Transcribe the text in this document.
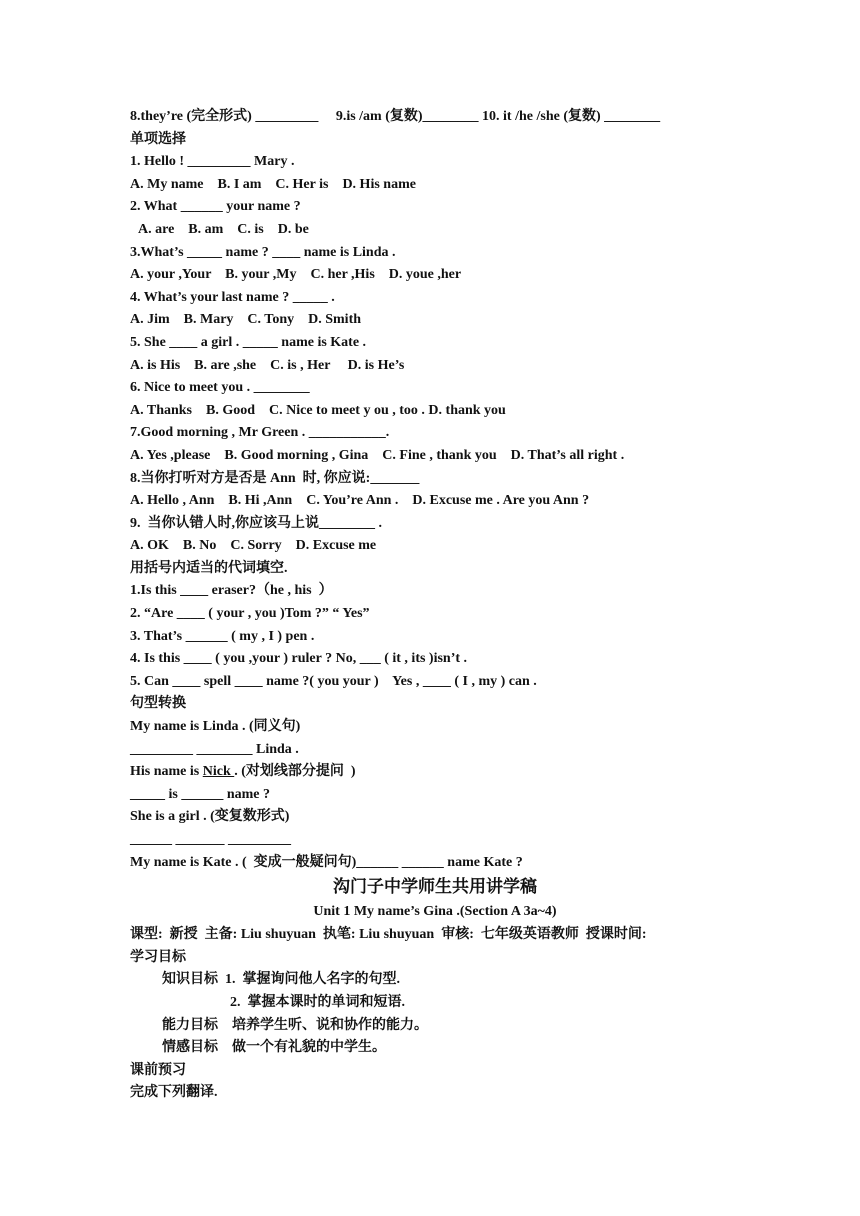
8.they’re (完全形式) _________     9.is /am (复数)________ 10. it /he /she (复数) ________
单项选择
1. Hello ! _________ Mary .
A. My name    B. I am    C. Her is    D. His name
2. What ______ your name ?
A. are    B. am    C. is    D. be
3.What’s _____ name ? ____ name is Linda .
A. your ,Your    B. your ,My    C. her ,His    D. youe ,her
4. What’s your last name ? _____ .
A. Jim    B. Mary    C. Tony    D. Smith
5. She ____ a girl . _____ name is Kate .
A. is His    B. are ,she    C. is , Her     D. is He’s
6. Nice to meet you . ________
A. Thanks    B. Good    C. Nice to meet y ou , too . D. thank you
7.Good morning , Mr Green . ___________.
A. Yes ,please    B. Good morning , Gina    C. Fine , thank you    D. That’s all right .
8.当你打听对方是否是 Ann  时, 你应说:_______
A. Hello , Ann    B. Hi ,Ann    C. You’re Ann .    D. Excuse me . Are you Ann ?
9.  当你认错人时,你应该马上说________ .
A. OK    B. No    C. Sorry    D. Excuse me
用括号内适当的代词填空.
1.Is this ____ eraser?（he , his  ）
2. “Are ____ ( your , you )Tom ?” “ Yes”
3. That’s ______ ( my , I ) pen .
4. Is this ____ ( you ,your ) ruler ? No, ___ ( it , its )isn’t .
5. Can ____ spell ____ name ?( you your )    Yes , ____ ( I , my ) can .
句型转换
My name is Linda . (同义句)
_________ ________ Linda .
His name is Nick . (对划线部分提问  )
_____ is ______ name ?
She is a girl . (变复数形式)
______ _______ _________
My name is Kate . (  变成一般疑问句)______ ______ name Kate ?
沟门子中学师生共用讲学稿
Unit 1 My name’s Gina .(Section A 3a~4)
课型:  新授  主备: Liu shuyuan  执笔: Liu shuyuan  审核:  七年级英语教师  授课时间:
学习目标
知识目标  1.  掌握询问他人名字的句型.
2.  掌握本课时的单词和短语.
能力目标    培养学生听、说和协作的能力。
情感目标    做一个有礼貌的中学生。
课前预习
完成下列翻译.
